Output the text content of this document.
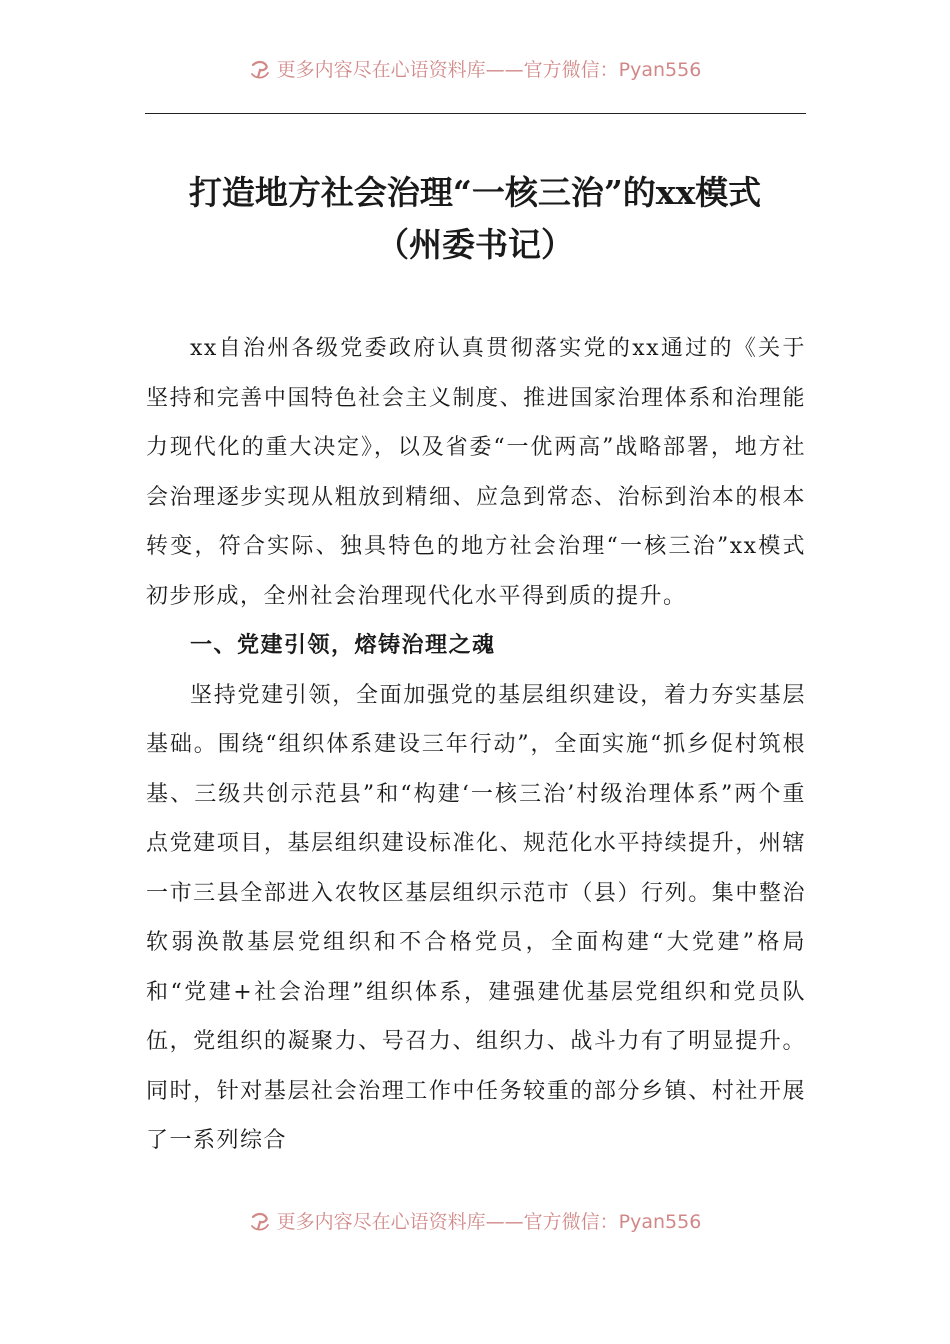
更多内容尽在心语资料库——官方微信：Pyan556
打造地方社会治理“一核三治”的xx模式
（州委书记）

xx自治州各级党委政府认真贯彻落实党的xx通过的《关于坚持和完善中国特色社会主义制度、推进国家治理体系和治理能力现代化的重大决定》，以及省委“一优两高”战略部署，地方社会治理逐步实现从粗放到精细、应急到常态、治标到治本的根本转变，符合实际、独具特色的地方社会治理“一核三治”xx模式初步形成，全州社会治理现代化水平得到质的提升。

一、党建引领，熔铸治理之魂

坚持党建引领，全面加强党的基层组织建设，着力夯实基层基础。围绕“组织体系建设三年行动”，全面实施“抓乡促村筑根基、三级共创示范县”和“构建‘一核三治’村级治理体系”两个重点党建项目，基层组织建设标准化、规范化水平持续提升，州辖一市三县全部进入农牧区基层组织示范市（县）行列。集中整治软弱涣散基层党组织和不合格党员，全面构建“大党建”格局和“党建+社会治理”组织体系，建强建优基层党组织和党员队伍，党组织的凝聚力、号召力、组织力、战斗力有了明显提升。同时，针对基层社会治理工作中任务较重的部分乡镇、村社开展了一系列综合

更多内容尽在心语资料库——官方微信：Pyan556
